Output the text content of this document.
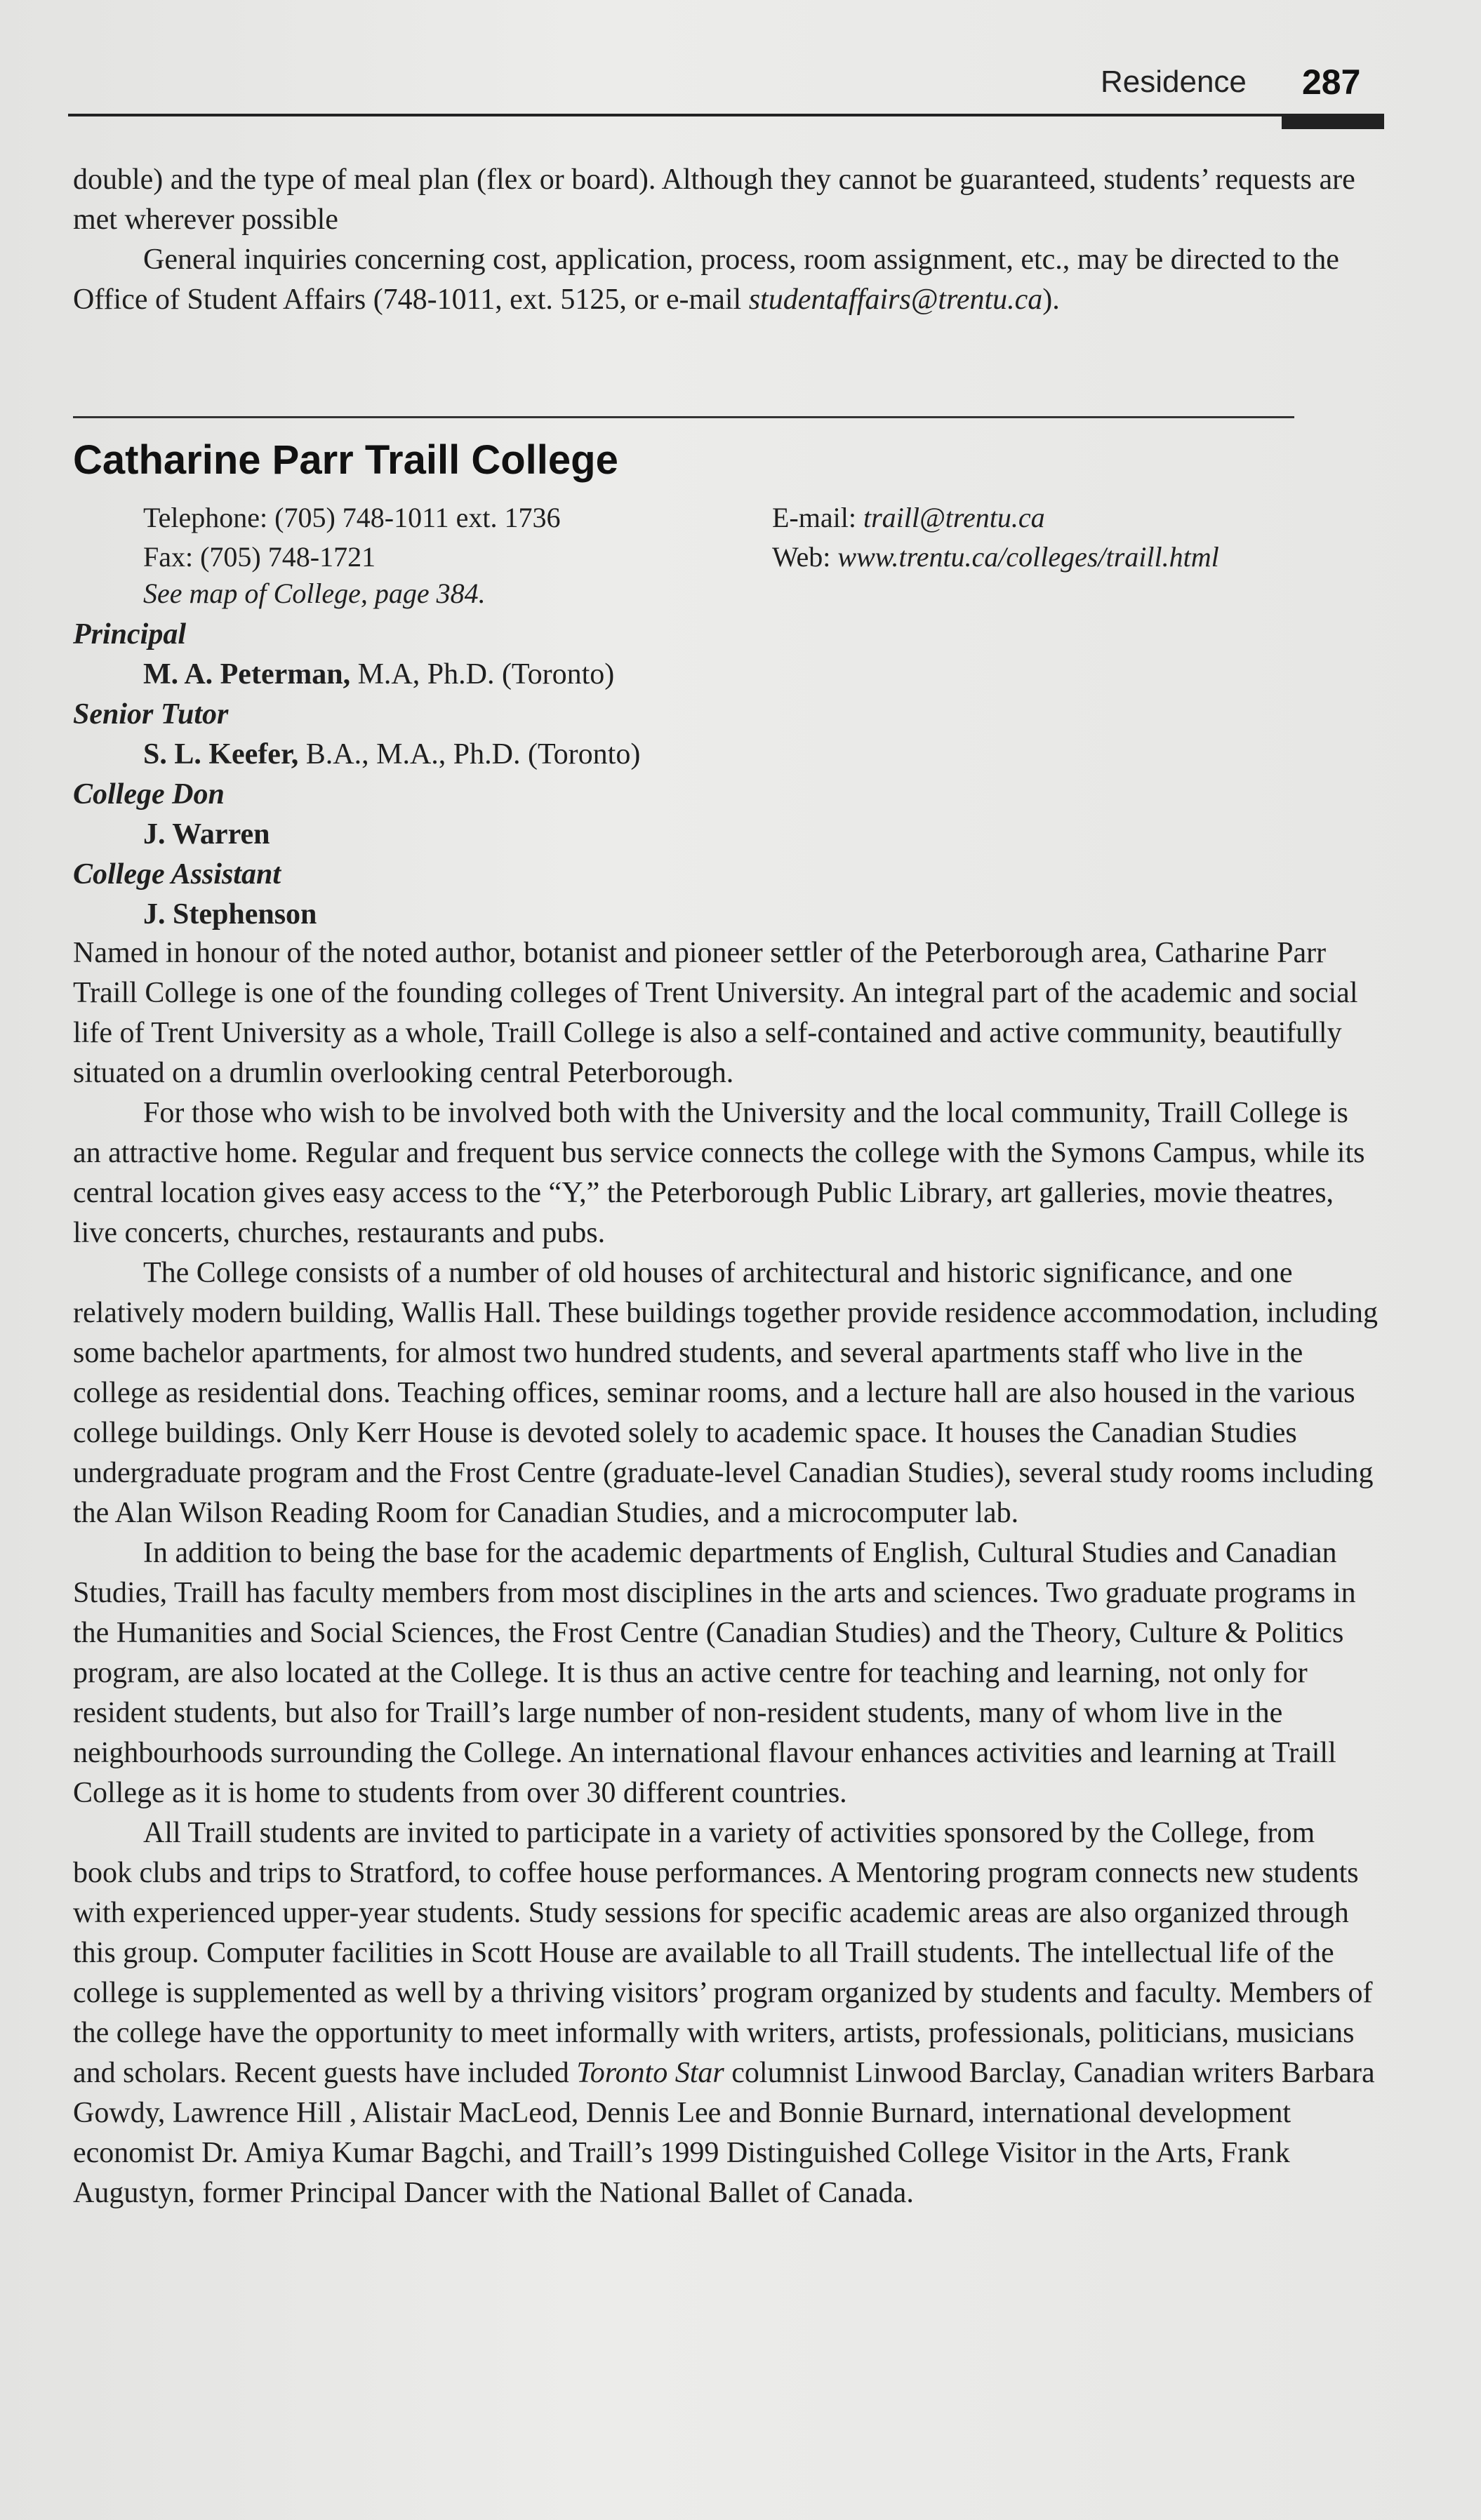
Residence 287

double) and the type of meal plan (flex or board). Although they cannot be guaranteed, students’ requests are met wherever possible

General inquiries concerning cost, application, process, room assignment, etc., may be directed to the Office of Student Affairs (748-1011, ext. 5125, or e-mail studentaffairs@trentu.ca).

Catharine Parr Traill College
Telephone: (705) 748-1011 ext. 1736
Fax: (705) 748-1721
E-mail: traill@trentu.ca
Web: www.trentu.ca/colleges/traill.html
See map of College, page 384.
Principal
M. A. Peterman, M.A, Ph.D. (Toronto)
Senior Tutor
S. L. Keefer, B.A., M.A., Ph.D. (Toronto)
College Don
J. Warren
College Assistant
J. Stephenson

Named in honour of the noted author, botanist and pioneer settler of the Peterborough area, Catharine Parr Traill College is one of the founding colleges of Trent University. An integral part of the academic and social life of Trent University as a whole, Traill College is also a self-contained and active community, beautifully situated on a drumlin overlooking central Peterborough.

For those who wish to be involved both with the University and the local community, Traill College is an attractive home. Regular and frequent bus service connects the college with the Symons Campus, while its central location gives easy access to the “Y,” the Peterborough Public Library, art galleries, movie theatres, live concerts, churches, restaurants and pubs.

The College consists of a number of old houses of architectural and historic significance, and one relatively modern building, Wallis Hall. These buildings together provide residence accommodation, including some bachelor apartments, for almost two hundred students, and several apartments staff who live in the college as residential dons. Teaching offices, seminar rooms, and a lecture hall are also housed in the various college buildings. Only Kerr House is devoted solely to academic space. It houses the Canadian Studies undergraduate program and the Frost Centre (graduate-level Canadian Studies), several study rooms including the Alan Wilson Reading Room for Canadian Studies, and a microcomputer lab.

In addition to being the base for the academic departments of English, Cultural Studies and Canadian Studies, Traill has faculty members from most disciplines in the arts and sciences. Two graduate programs in the Humanities and Social Sciences, the Frost Centre (Canadian Studies) and the Theory, Culture & Politics program, are also located at the College. It is thus an active centre for teaching and learning, not only for resident students, but also for Traill’s large number of non-resident students, many of whom live in the neighbourhoods surrounding the College. An international flavour enhances activities and learning at Traill College as it is home to students from over 30 different countries.

All Traill students are invited to participate in a variety of activities sponsored by the College, from book clubs and trips to Stratford, to coffee house performances. A Mentoring program connects new students with experienced upper-year students. Study sessions for specific academic areas are also organized through this group. Computer facilities in Scott House are available to all Traill students. The intellectual life of the college is supplemented as well by a thriving visitors’ program organized by students and faculty. Members of the college have the opportunity to meet informally with writers, artists, professionals, politicians, musicians and scholars. Recent guests have included Toronto Star columnist Linwood Barclay, Canadian writers Barbara Gowdy, Lawrence Hill , Alistair MacLeod, Dennis Lee and Bonnie Burnard, international development economist Dr. Amiya Kumar Bagchi, and Traill’s 1999 Distinguished College Visitor in the Arts, Frank Augustyn, former Principal Dancer with the National Ballet of Canada.
